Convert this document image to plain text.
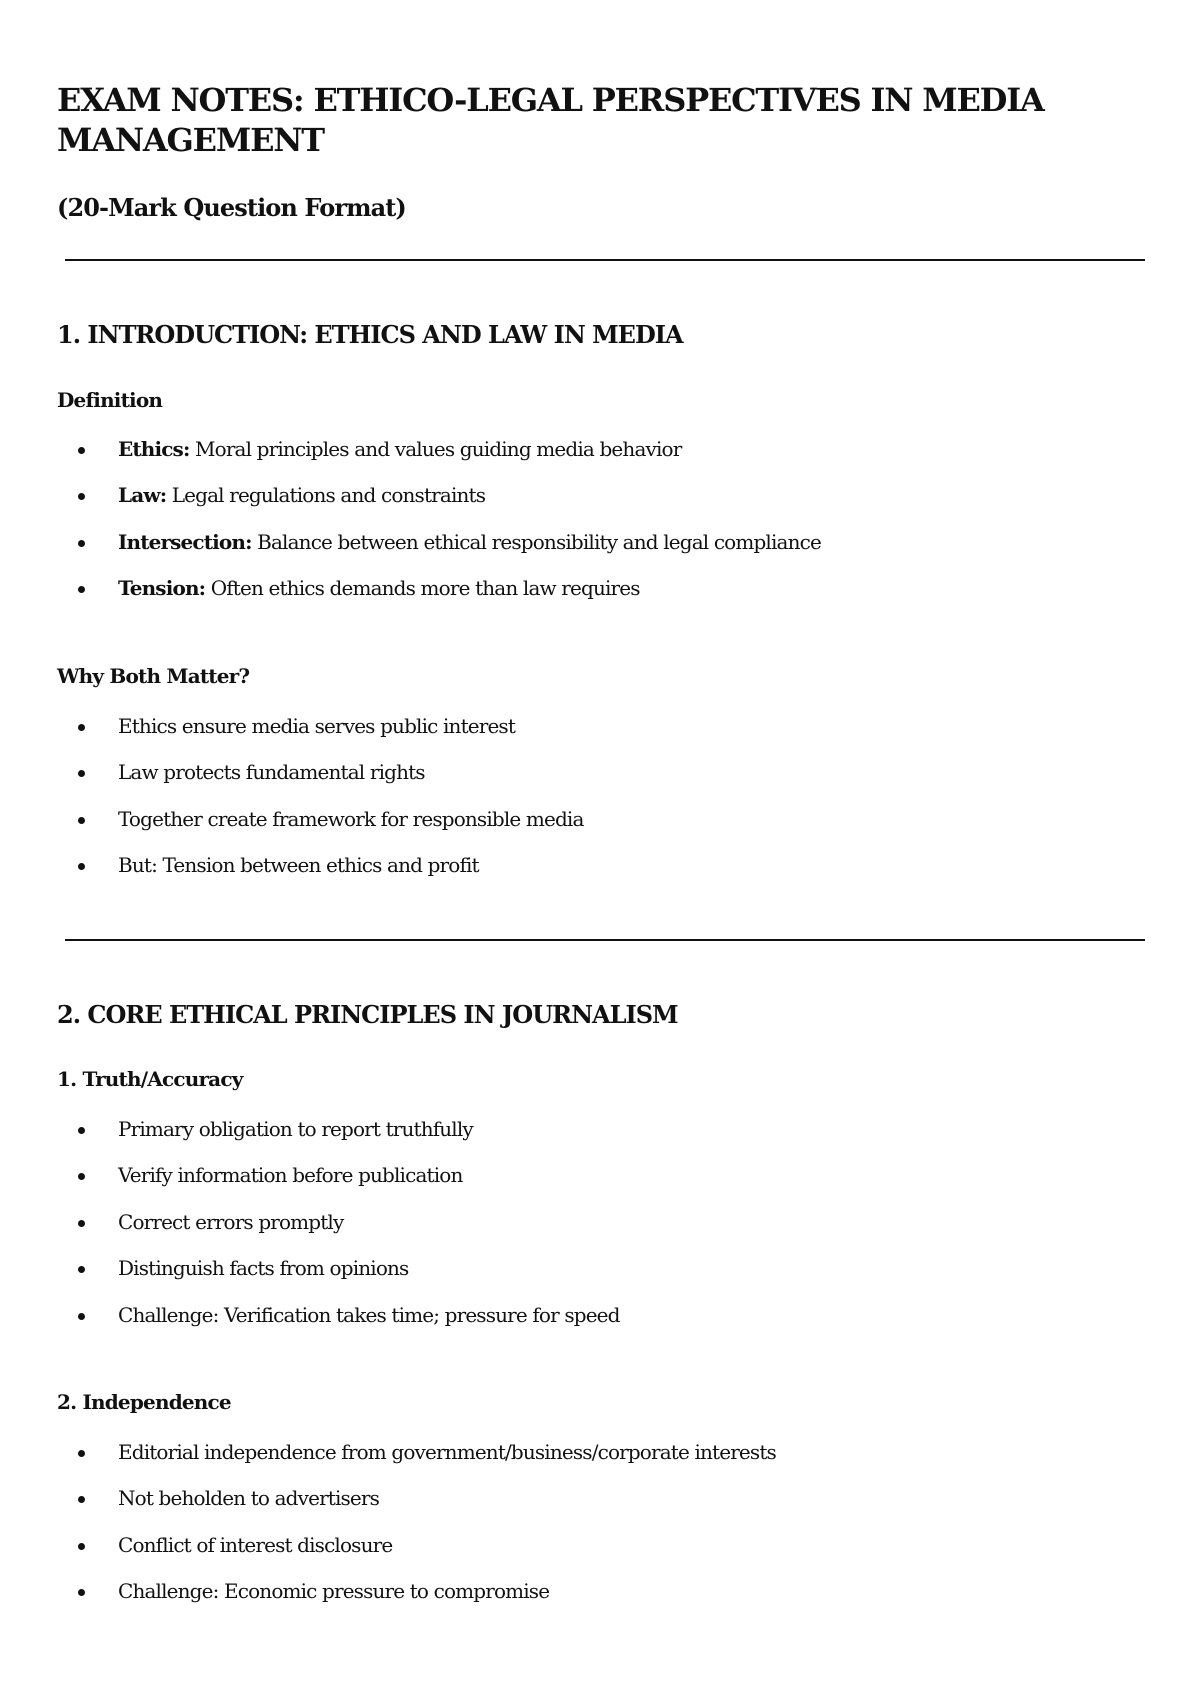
EXAM NOTES: ETHICO-LEGAL PERSPECTIVES IN MEDIA MANAGEMENT
(20-Mark Question Format)
1. INTRODUCTION: ETHICS AND LAW IN MEDIA
Definition
Ethics: Moral principles and values guiding media behavior
Law: Legal regulations and constraints
Intersection: Balance between ethical responsibility and legal compliance
Tension: Often ethics demands more than law requires
Why Both Matter?
Ethics ensure media serves public interest
Law protects fundamental rights
Together create framework for responsible media
But: Tension between ethics and profit
2. CORE ETHICAL PRINCIPLES IN JOURNALISM
1. Truth/Accuracy
Primary obligation to report truthfully
Verify information before publication
Correct errors promptly
Distinguish facts from opinions
Challenge: Verification takes time; pressure for speed
2. Independence
Editorial independence from government/business/corporate interests
Not beholden to advertisers
Conflict of interest disclosure
Challenge: Economic pressure to compromise
